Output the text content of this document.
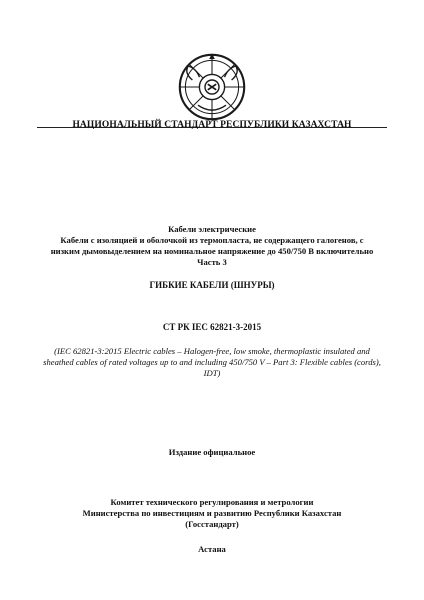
НАЦИОНАЛЬНЫЙ СТАНДАРТ РЕСПУБЛИКИ КАЗАХСТАН
Кабели электрические
Кабели с изоляцией и оболочкой из термопласта, не содержащего галогенов, с
низким дымовыделением на номинальное напряжение до 450/750 В включительно
Часть 3
ГИБКИЕ КАБЕЛИ (ШНУРЫ)
СТ РК IEC 62821-3-2015
(IEC 62821-3:2015 Electric cables – Halogen-free, low smoke, thermoplastic insulated and sheathed cables of rated voltages up to and including 450/750 V – Part 3: Flexible cables (cords), IDT)
Издание официальное
Комитет технического регулирования и метрологии
Министерства по инвестициям и развитию Республики Казахстан
(Госстандарт)
Астана
